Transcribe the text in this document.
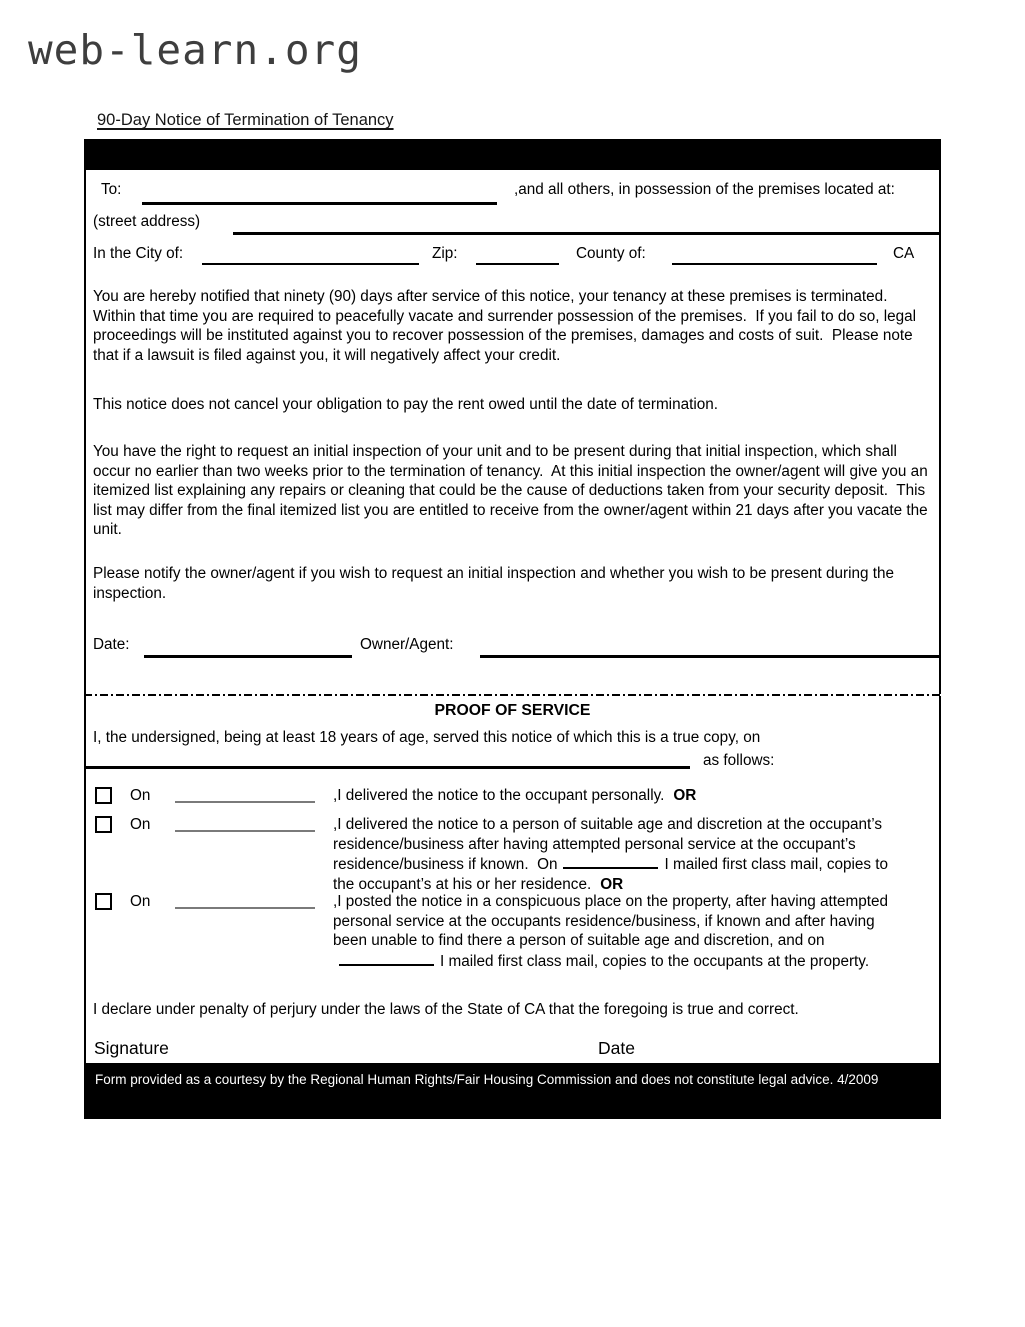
web-learn.org
90-Day Notice of Termination of Tenancy
To:	,and all others, in possession of the premises located at:
(street address)
In the City of:	Zip:	County of:	CA
You are hereby notified that ninety (90) days after service of this notice, your tenancy at these premises is terminated.  Within that time you are required to peacefully vacate and surrender possession of the premises.  If you fail to do so, legal proceedings will be instituted against you to recover possession of the premises, damages and costs of suit.  Please note that if a lawsuit is filed against you, it will negatively affect your credit.
This notice does not cancel your obligation to pay the rent owed until the date of termination.
You have the right to request an initial inspection of your unit and to be present during that initial inspection, which shall occur no earlier than two weeks prior to the termination of tenancy.  At this initial inspection the owner/agent will give you an itemized list explaining any repairs or cleaning that could be the cause of deductions taken from your security deposit.  This list may differ from the final itemized list you are entitled to receive from the owner/agent within 21 days after you vacate the unit.
Please notify the owner/agent if you wish to request an initial inspection and whether you wish to be present during the inspection.
Date:	Owner/Agent:
PROOF OF SERVICE
I, the undersigned, being at least 18 years of age, served this notice of which this is a true copy, on
as follows:
On	,I delivered the notice to the occupant personally. OR
On	,I delivered the notice to a person of suitable age and discretion at the occupant’s residence/business after having attempted personal service at the occupant’s residence/business if known.  On	I mailed first class mail, copies to the occupant’s at his or her residence. OR
On	,I posted the notice in a conspicuous place on the property, after having attempted personal service at the occupants residence/business, if known and after having been unable to find there a person of suitable age and discretion, and onI mailed first class mail, copies to the occupants at the property.
I declare under penalty of perjury under the laws of the State of CA that the foregoing is true and correct.
Signature	Date
Form provided as a courtesy by the Regional Human Rights/Fair Housing Commission and does not constitute legal advice. 4/2009
